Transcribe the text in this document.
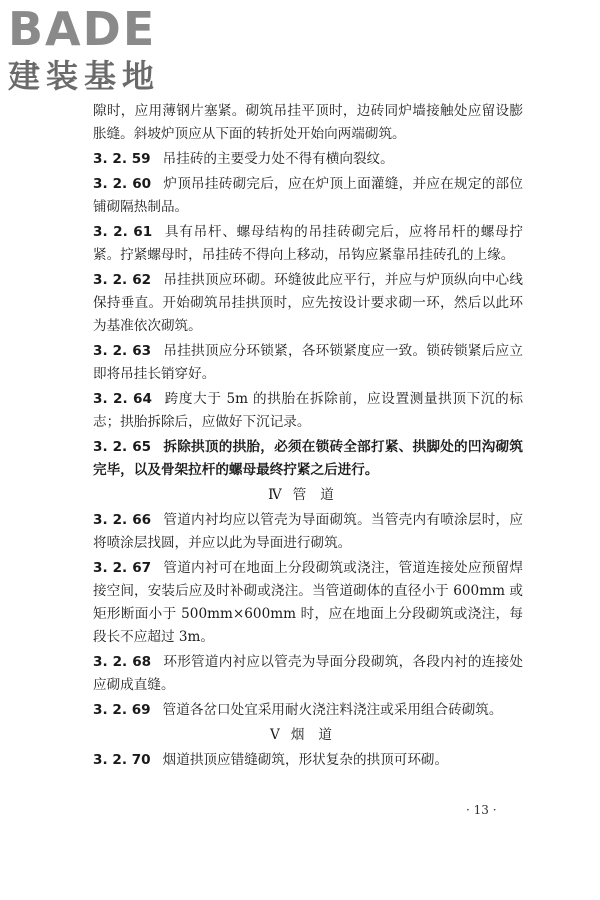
BADE
建装基地

隙时，应用薄钢片塞紧。砌筑吊挂平顶时，边砖同炉墙接触处应留设膨胀缝。斜坡炉顶应从下面的转折处开始向两端砌筑。

3. 2. 59 吊挂砖的主要受力处不得有横向裂纹。

3. 2. 60 炉顶吊挂砖砌完后，应在炉顶上面灌缝，并应在规定的部位铺砌隔热制品。

3. 2. 61 具有吊杆、螺母结构的吊挂砖砌完后，应将吊杆的螺母拧紧。拧紧螺母时，吊挂砖不得向上移动，吊钩应紧靠吊挂砖孔的上缘。

3. 2. 62 吊挂拱顶应环砌。环缝彼此应平行，并应与炉顶纵向中心线保持垂直。开始砌筑吊挂拱顶时，应先按设计要求砌一环，然后以此环为基准依次砌筑。

3. 2. 63 吊挂拱顶应分环锁紧，各环锁紧度应一致。锁砖锁紧后应立即将吊挂长销穿好。

3. 2. 64 跨度大于 5m 的拱胎在拆除前，应设置测量拱顶下沉的标志；拱胎拆除后，应做好下沉记录。

3. 2. 65 拆除拱顶的拱胎，必须在锁砖全部打紧、拱脚处的凹沟砌筑完毕，以及骨架拉杆的螺母最终拧紧之后进行。

Ⅳ 管道

3. 2. 66 管道内衬均应以管壳为导面砌筑。当管壳内有喷涂层时，应将喷涂层找圆，并应以此为导面进行砌筑。

3. 2. 67 管道内衬可在地面上分段砌筑或浇注，管道连接处应预留焊接空间，安装后应及时补砌或浇注。当管道砌体的直径小于 600mm 或矩形断面小于 500mm×600mm 时，应在地面上分段砌筑或浇注，每段长不应超过 3m。

3. 2. 68 环形管道内衬应以管壳为导面分段砌筑，各段内衬的连接处应砌成直缝。

3. 2. 69 管道各岔口处宜采用耐火浇注料浇注或采用组合砖砌筑。

Ⅴ 烟道

3. 2. 70 烟道拱顶应错缝砌筑，形状复杂的拱顶可环砌。

· 13 ·
